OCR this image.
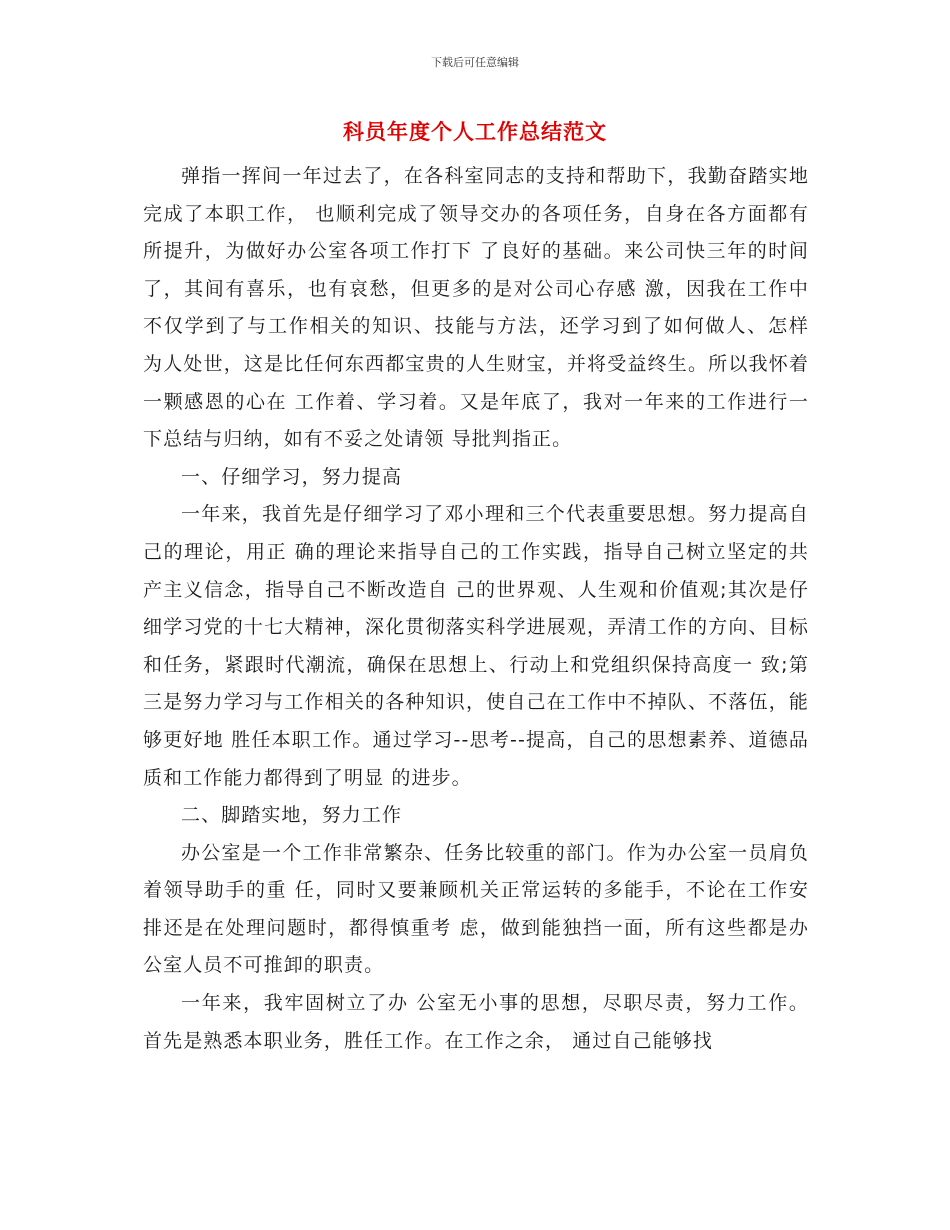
下载后可任意编辑
科员年度个人工作总结范文

弹指一挥间一年过去了，在各科室同志的支持和帮助下，我勤奋踏实地完成了本职工作， 也顺利完成了领导交办的各项任务，自身在各方面都有所提升，为做好办公室各项工作打下 了良好的基础。来公司快三年的时间了，其间有喜乐，也有哀愁，但更多的是对公司心存感 激，因我在工作中不仅学到了与工作相关的知识、技能与方法，还学习到了如何做人、怎样 为人处世，这是比任何东西都宝贵的人生财宝，并将受益终生。所以我怀着一颗感恩的心在 工作着、学习着。又是年底了，我对一年来的工作进行一下总结与归纳，如有不妥之处请领 导批判指正。

一、仔细学习，努力提高

一年来，我首先是仔细学习了邓小理和三个代表重要思想。努力提高自己的理论，用正 确的理论来指导自己的工作实践，指导自己树立坚定的共产主义信念，指导自己不断改造自 己的世界观、人生观和价值观;其次是仔细学习党的十七大精神，深化贯彻落实科学进展观，弄清工作的方向、目标和任务，紧跟时代潮流，确保在思想上、行动上和党组织保持高度一 致;第三是努力学习与工作相关的各种知识，使自己在工作中不掉队、不落伍，能够更好地 胜任本职工作。通过学习--思考--提高，自己的思想素养、道德品质和工作能力都得到了明显 的进步。

二、脚踏实地，努力工作

办公室是一个工作非常繁杂、任务比较重的部门。作为办公室一员肩负着领导助手的重 任，同时又要兼顾机关正常运转的多能手，不论在工作安排还是在处理问题时，都得慎重考 虑，做到能独挡一面，所有这些都是办公室人员不可推卸的职责。

一年来，我牢固树立了办 公室无小事的思想，尽职尽责，努力工作。首先是熟悉本职业务，胜任工作。在工作之余， 通过自己能够找
